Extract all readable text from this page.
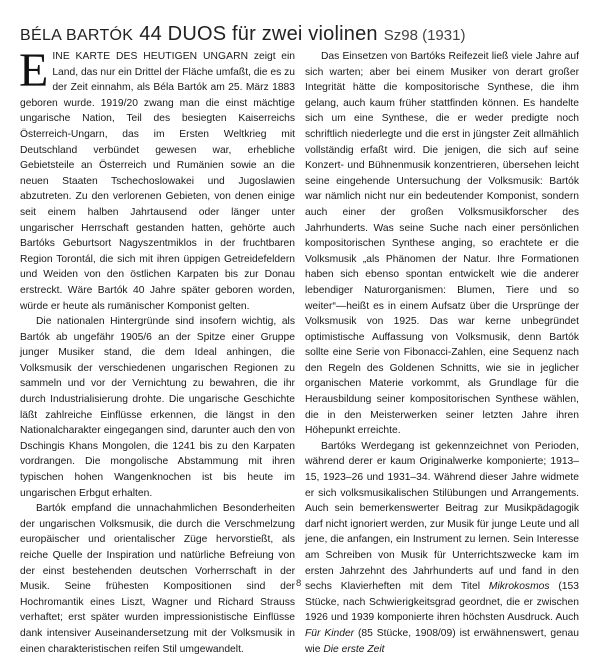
BÉLA BARTÓK 44 DUOS für zwei violinen Sz98 (1931)

EINE KARTE DES HEUTIGEN UNGARN zeigt ein Land, das nur ein Drittel der Fläche umfaßt, die es zu der Zeit einnahm, als Béla Bartók am 25. März 1883 geboren wurde. 1919/20 zwang man die einst mächtige ungarische Nation, Teil des besiegten Kaiserreichs Österreich-Ungarn, das im Ersten Weltkrieg mit Deutschland verbündet gewesen war, erhebliche Gebietsteile an Österreich und Rumänien sowie an die neuen Staaten Tschechoslowakei und Jugoslawien abzutreten. Zu den verlorenen Gebieten, von denen einige seit einem halben Jahrtausend oder länger unter ungarischer Herrschaft gestanden hatten, gehörte auch Bartóks Geburtsort Nagyszentmiklos in der fruchtbaren Region Torontál, die sich mit ihren üppigen Getreidefeldern und Weiden von den östlichen Karpaten bis zur Donau erstreckt. Wäre Bartók 40 Jahre später geboren worden, würde er heute als rumänischer Komponist gelten.

Die nationalen Hintergründe sind insofern wichtig, als Bartók ab ungefähr 1905/6 an der Spitze einer Gruppe junger Musiker stand, die dem Ideal anhingen, die Volksmusik der verschiedenen ungarischen Regionen zu sammeln und vor der Vernichtung zu bewahren, die ihr durch Industrialisierung drohte. Die ungarische Geschichte läßt zahlreiche Einflüsse erkennen, die längst in den Nationalcharakter eingegangen sind, darunter auch den von Dschingis Khans Mongolen, die 1241 bis zu den Karpaten vordrangen. Die mongolische Abstammung mit ihren typischen hohen Wangenknochen ist bis heute im ungarischen Erbgut erhalten.

Bartók empfand die unnachahmlichen Besonderheiten der ungarischen Volksmusik, die durch die Verschmelzung europäischer und orientalischer Züge hervorstießt, als reiche Quelle der Inspiration und natürliche Befreiung von der einst bestehenden deutschen Vorherrschaft in der Musik. Seine frühesten Kompositionen sind der Hochromantik eines Liszt, Wagner und Richard Strauss verhaftet; erst später wurden impressionistische Einflüsse dank intensiver Auseinandersetzung mit der Volksmusik in einen charakteristischen reifen Stil umgewandelt.

Das Einsetzen von Bartóks Reifezeit ließ viele Jahre auf sich warten; aber bei einem Musiker von derart großer Integrität hätte die kompositorische Synthese, die ihm gelang, auch kaum früher stattfinden können. Es handelte sich um eine Synthese, die er weder predigte noch schriftlich niederlegte und die erst in jüngster Zeit allmählich vollständig erfaßt wird. Die jenigen, die sich auf seine Konzert- und Bühnenmusik konzentrieren, übersehen leicht seine eingehende Untersuchung der Volksmusik: Bartók war nämlich nicht nur ein bedeutender Komponist, sondern auch einer der großen Volksmusikforscher des Jahrhunderts. Was seine Suche nach einer persönlichen kompositorischen Synthese anging, so erachtete er die Volksmusik „als Phänomen der Natur. Ihre Formationen haben sich ebenso spontan entwickelt wie die anderer lebendiger Naturorganismen: Blumen, Tiere und so weiter“—heißt es in einem Aufsatz über die Ursprünge der Volksmusik von 1925. Das war kerne unbegründet optimistische Auffassung von Volksmusik, denn Bartók sollte eine Serie von Fibonacci-Zahlen, eine Sequenz nach den Regeln des Goldenen Schnitts, wie sie in jeglicher organischen Materie vorkommt, als Grundlage für die Herausbildung seiner kompositorischen Synthese wählen, die in den Meisterwerken seiner letzten Jahre ihren Höhepunkt erreichte.

Bartóks Werdegang ist gekennzeichnet von Perioden, während derer er kaum Originalwerke komponierte; 1913–15, 1923–26 und 1931–34. Während dieser Jahre widmete er sich volksmusikalischen Stilübungen und Arrangements. Auch sein bemerkenswerter Beitrag zur Musikpädagogik darf nicht ignoriert werden, zur Musik für junge Leute und all jene, die anfangen, ein Instrument zu lernen. Sein Interesse am Schreiben von Musik für Unterrichtszwecke kam im ersten Jahrzehnt des Jahrhunderts auf und fand in den sechs Klavierheften mit dem Titel Mikrokosmos (153 Stücke, nach Schwierigkeitsgrad geordnet, die er zwischen 1926 und 1939 komponierte ihren höchsten Ausdruck. Auch Für Kinder (85 Stücke, 1908/09) ist erwähnenswert, genau wie Die erste Zeit

8
